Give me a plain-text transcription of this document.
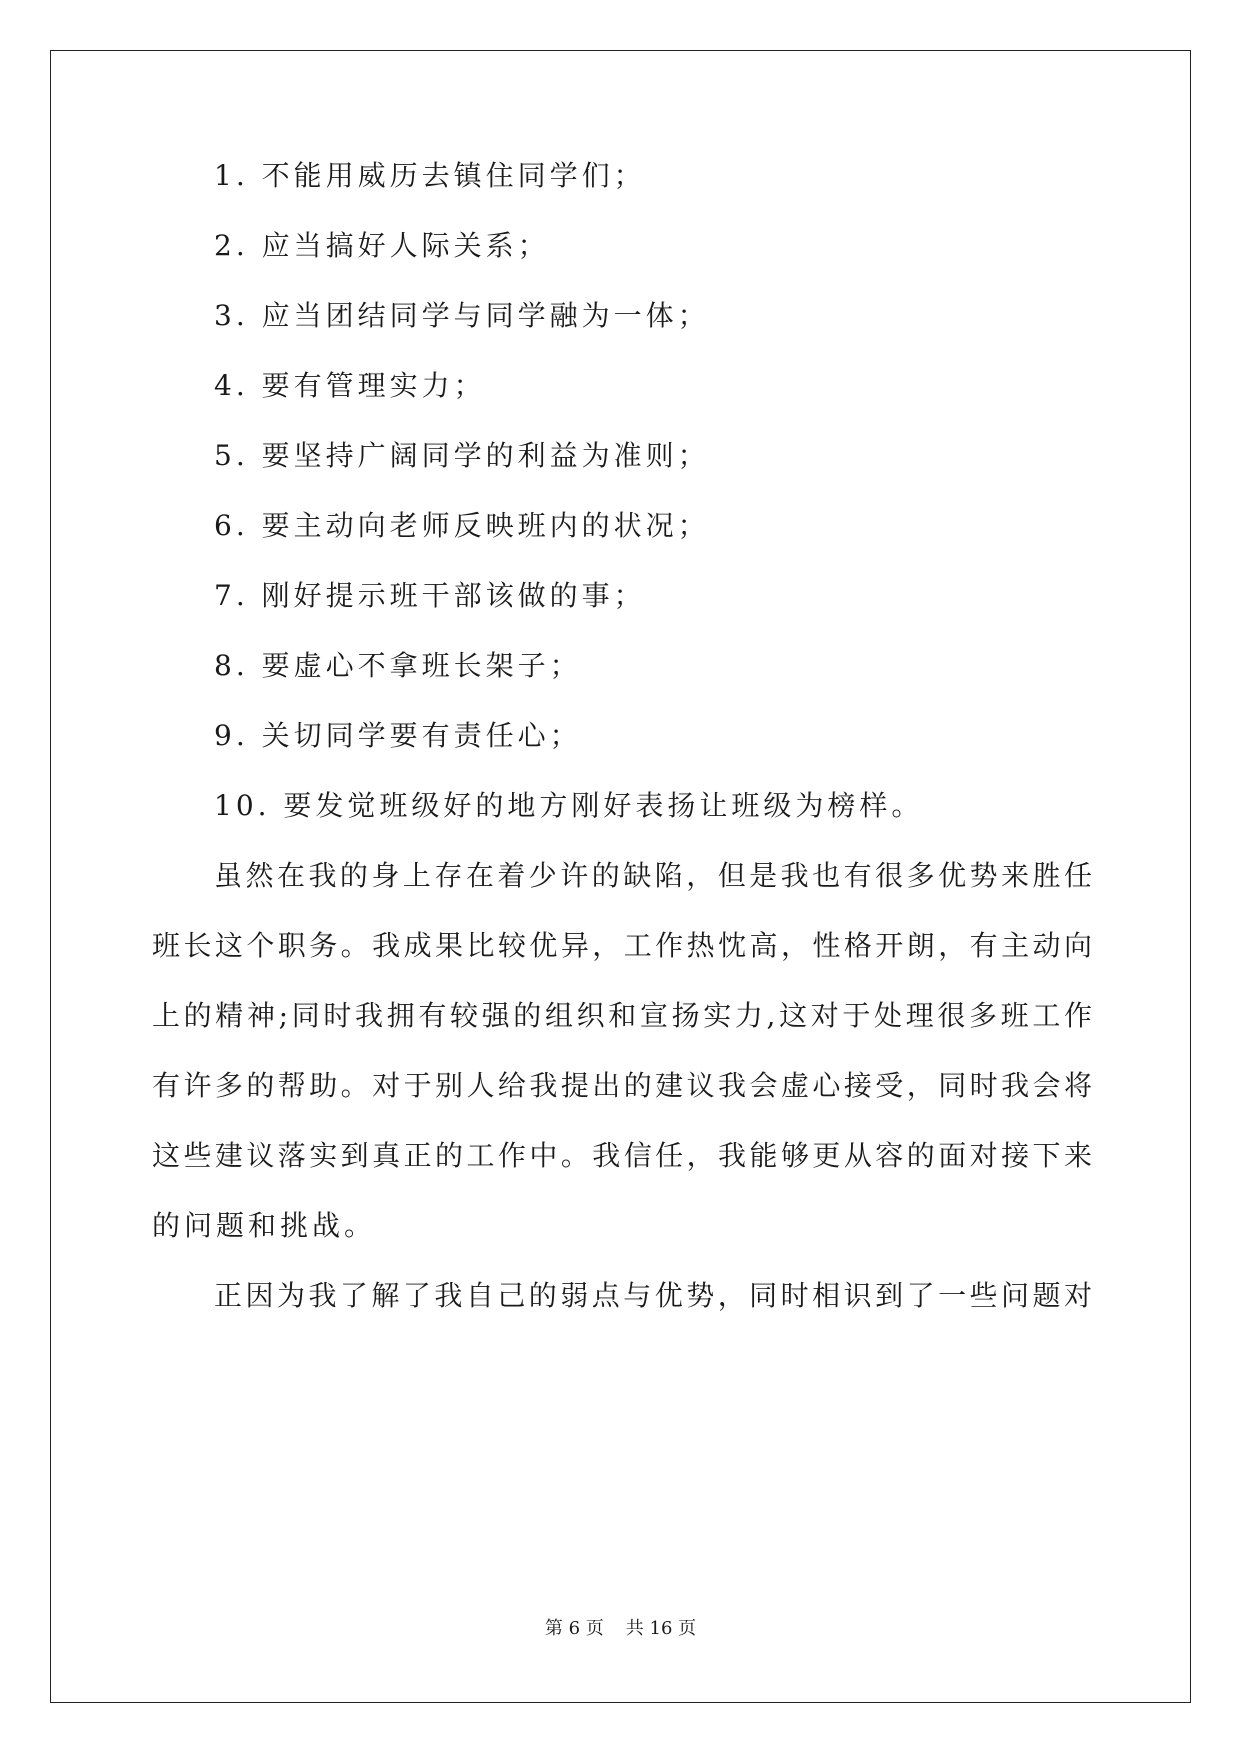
1. 不能用威历去镇住同学们；
2. 应当搞好人际关系；
3. 应当团结同学与同学融为一体；
4. 要有管理实力；
5. 要坚持广阔同学的利益为准则；
6. 要主动向老师反映班内的状况；
7. 刚好提示班干部该做的事；
8. 要虚心不拿班长架子；
9. 关切同学要有责任心；
10. 要发觉班级好的地方刚好表扬让班级为榜样。
虽然在我的身上存在着少许的缺陷，但是我也有很多优势来胜任
班长这个职务。我成果比较优异，工作热忱高，性格开朗，有主动向
上的精神;同时我拥有较强的组织和宣扬实力,这对于处理很多班工作
有许多的帮助。对于别人给我提出的建议我会虚心接受，同时我会将
这些建议落实到真正的工作中。我信任，我能够更从容的面对接下来
的问题和挑战。
正因为我了解了我自己的弱点与优势，同时相识到了一些问题对
第 6 页 共 16 页
